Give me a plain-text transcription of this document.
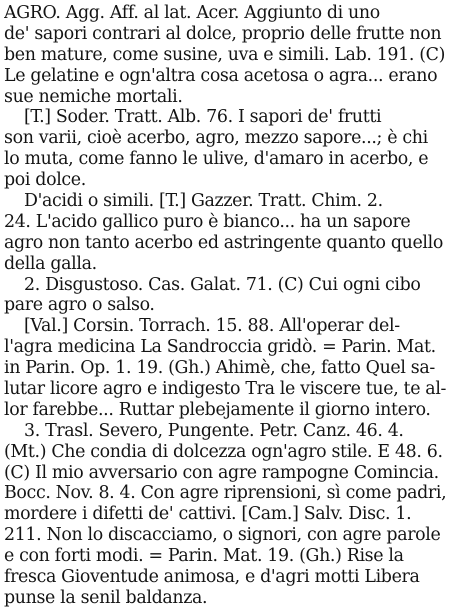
AGRO. Agg. Aff. al lat. Acer. Aggiunto di uno
de' sapori contrari al dolce, proprio delle frutte non
ben mature, come susine, uva e simili. Lab. 191. (C)
Le gelatine e ogn'altra cosa acetosa o agra... erano
sue nemiche mortali.
[T.] Soder. Tratt. Alb. 76. I sapori de' frutti
son varii, cioè acerbo, agro, mezzo sapore...; è chi
lo muta, come fanno le ulive, d'amaro in acerbo, e
poi dolce.
D'acidi o simili. [T.] Gazzer. Tratt. Chim. 2.
24. L'acido gallico puro è bianco... ha un sapore
agro non tanto acerbo ed astringente quanto quello
della galla.
2. Disgustoso. Cas. Galat. 71. (C) Cui ogni cibo
pare agro o salso.
[Val.] Corsin. Torrach. 15. 88. All'operar del-
l'agra medicina La Sandroccia gridò. = Parin. Mat.
in Parin. Op. 1. 19. (Gh.) Ahimè, che, fatto Quel sa-
lutar licore agro e indigesto Tra le viscere tue, te al-
lor farebbe... Ruttar plebejamente il giorno intero.
3. Trasl. Severo, Pungente. Petr. Canz. 46. 4.
(Mt.) Che condia di dolcezza ogn'agro stile. E 48. 6.
(C) Il mio avversario con agre rampogne Comincia.
Bocc. Nov. 8. 4. Con agre riprensioni, sì come padri,
mordere i difetti de' cattivi. [Cam.] Salv. Disc. 1.
211. Non lo discacciamo, o signori, con agre parole
e con forti modi. = Parin. Mat. 19. (Gh.) Rise la
fresca Gioventude animosa, e d'agri motti Libera
punse la senil baldanza.
